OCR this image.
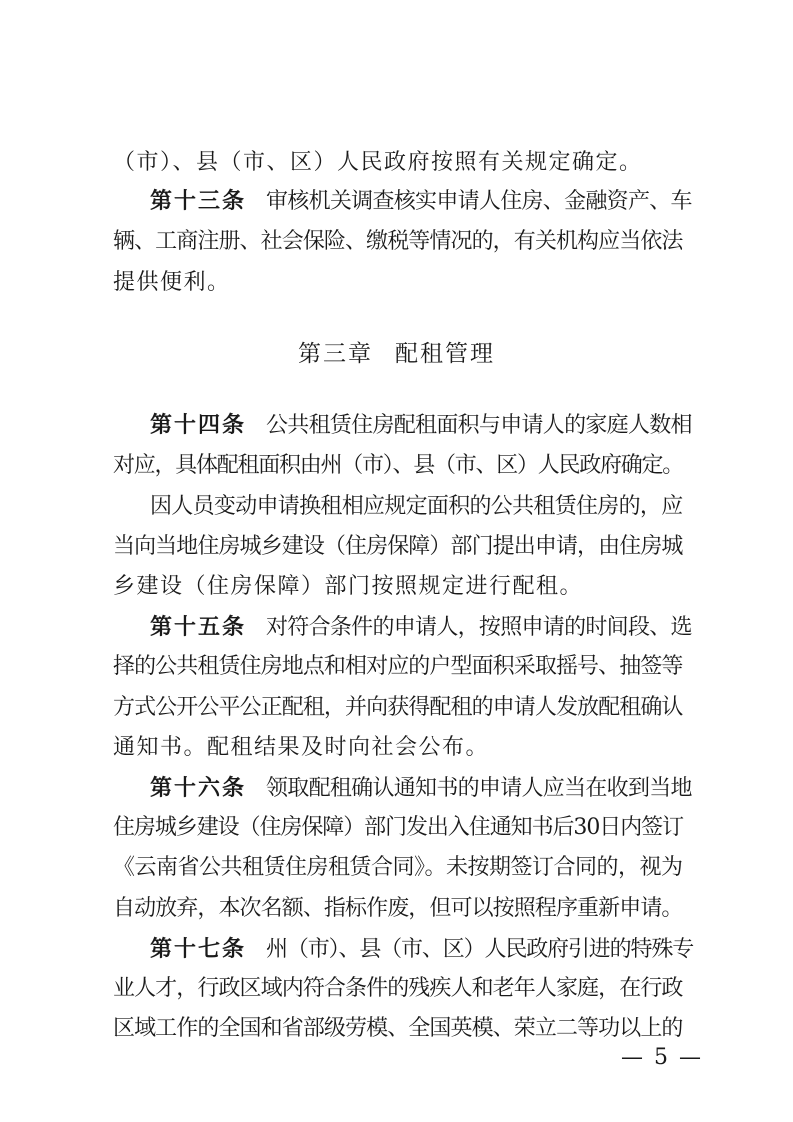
（市）、县（市、区）人民政府按照有关规定确定。
第十三条 审核机关调查核实申请人住房、金融资产、车
辆、工商注册、社会保险、缴税等情况的，有关机构应当依法
提供便利。
第三章 配租管理
第十四条 公共租赁住房配租面积与申请人的家庭人数相
对应，具体配租面积由州（市）、县（市、区）人民政府确定。
因人员变动申请换租相应规定面积的公共租赁住房的，应
当向当地住房城乡建设（住房保障）部门提出申请，由住房城
乡建设（住房保障）部门按照规定进行配租。
第十五条 对符合条件的申请人，按照申请的时间段、选
择的公共租赁住房地点和相对应的户型面积采取摇号、抽签等
方式公开公平公正配租，并向获得配租的申请人发放配租确认
通知书。配租结果及时向社会公布。
第十六条 领取配租确认通知书的申请人应当在收到当地
住房城乡建设（住房保障）部门发出入住通知书后30日内签订
《云南省公共租赁住房租赁合同》。未按期签订合同的，视为
自动放弃，本次名额、指标作废，但可以按照程序重新申请。
第十七条 州（市）、县（市、区）人民政府引进的特殊专
业人才，行政区域内符合条件的残疾人和老年人家庭，在行政
区域工作的全国和省部级劳模、全国英模、荣立二等功以上的
— 5 —
